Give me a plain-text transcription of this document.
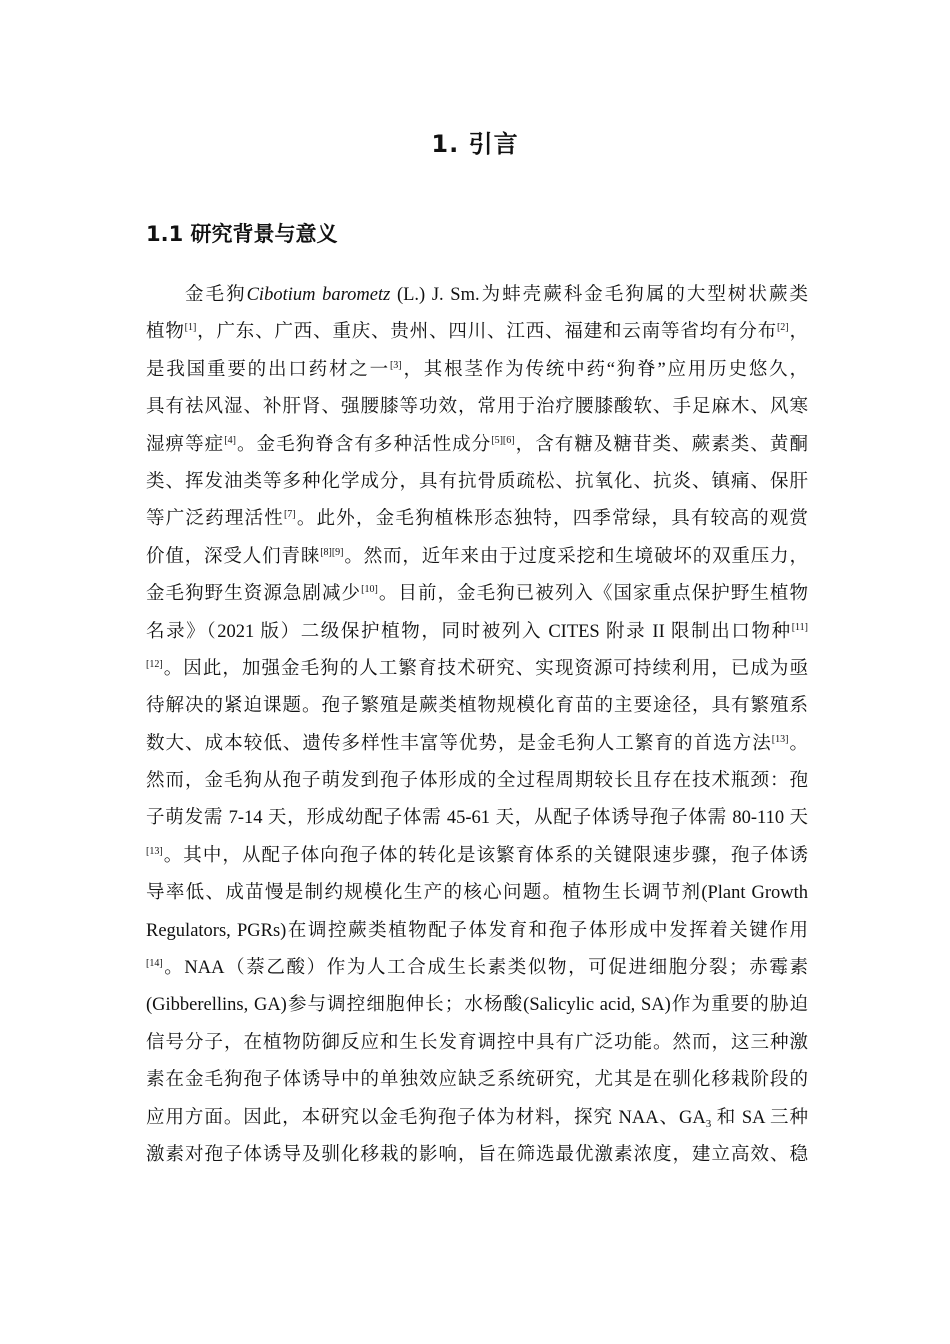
1. 引言
1.1 研究背景与意义
金毛狗Cibotium barometz (L.) J. Sm.为蚌壳蕨科金毛狗属的大型树状蕨类
植物[1]，广东、广西、重庆、贵州、四川、江西、福建和云南等省均有分布[2]，
是我国重要的出口药材之一[3]，其根茎作为传统中药“狗脊”应用历史悠久，
具有祛风湿、补肝肾、强腰膝等功效，常用于治疗腰膝酸软、手足麻木、风寒
湿痹等症[4]。金毛狗脊含有多种活性成分[5][6]，含有糖及糖苷类、蕨素类、黄酮
类、挥发油类等多种化学成分，具有抗骨质疏松、抗氧化、抗炎、镇痛、保肝
等广泛药理活性[7]。此外，金毛狗植株形态独特，四季常绿，具有较高的观赏
价值，深受人们青睐[8][9]。然而，近年来由于过度采挖和生境破坏的双重压力，
金毛狗野生资源急剧减少[10]。目前，金毛狗已被列入《国家重点保护野生植物
名录》（2021 版）二级保护植物，同时被列入 CITES 附录 II 限制出口物种[11]
[12]。因此，加强金毛狗的人工繁育技术研究、实现资源可持续利用，已成为亟
待解决的紧迫课题。孢子繁殖是蕨类植物规模化育苗的主要途径，具有繁殖系
数大、成本较低、遗传多样性丰富等优势，是金毛狗人工繁育的首选方法[13]。
然而，金毛狗从孢子萌发到孢子体形成的全过程周期较长且存在技术瓶颈：孢
子萌发需 7-14 天，形成幼配子体需 45-61 天，从配子体诱导孢子体需 80-110 天
[13]。其中，从配子体向孢子体的转化是该繁育体系的关键限速步骤，孢子体诱
导率低、成苗慢是制约规模化生产的核心问题。植物生长调节剂(Plant Growth
Regulators, PGRs)在调控蕨类植物配子体发育和孢子体形成中发挥着关键作用
[14]。NAA（萘乙酸）作为人工合成生长素类似物，可促进细胞分裂；赤霉素
(Gibberellins, GA)参与调控细胞伸长；水杨酸(Salicylic acid, SA)作为重要的胁迫
信号分子，在植物防御反应和生长发育调控中具有广泛功能。然而，这三种激
素在金毛狗孢子体诱导中的单独效应缺乏系统研究，尤其是在驯化移栽阶段的
应用方面。因此，本研究以金毛狗孢子体为材料，探究 NAA、$GA_3$ 和 SA 三种
激素对孢子体诱导及驯化移栽的影响，旨在筛选最优激素浓度，建立高效、稳
